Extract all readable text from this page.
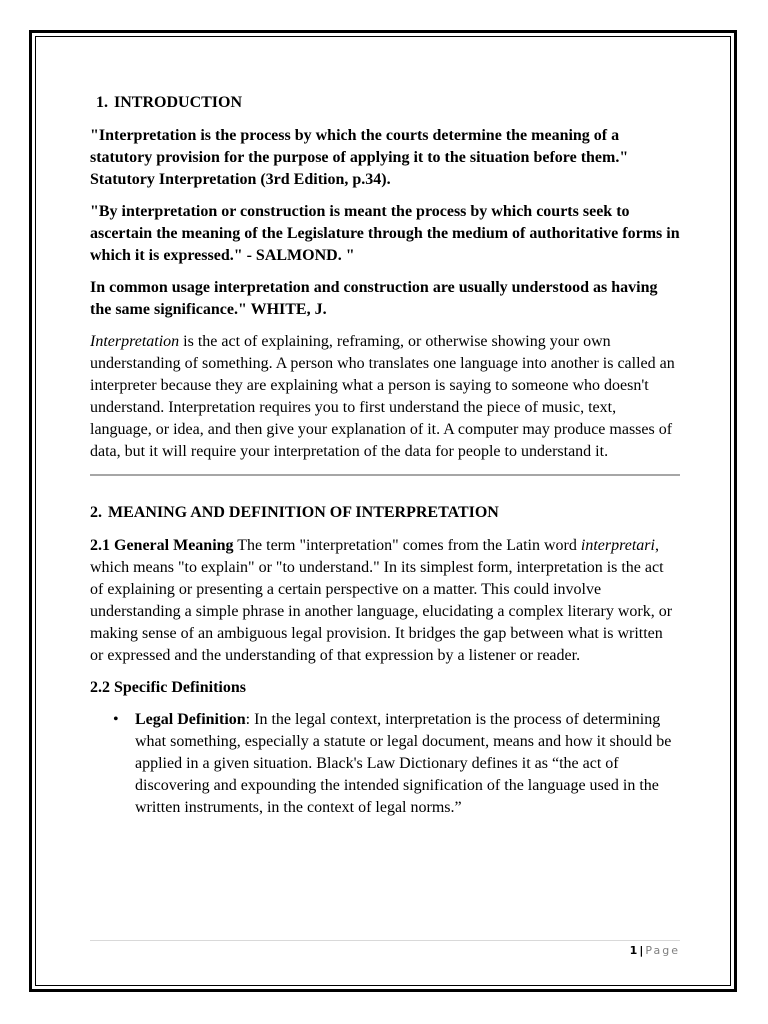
1. INTRODUCTION

"Interpretation is the process by which the courts determine the meaning of a statutory provision for the purpose of applying it to the situation before them." Statutory Interpretation (3rd Edition, p.34).

"By interpretation or construction is meant the process by which courts seek to ascertain the meaning of the Legislature through the medium of authoritative forms in which it is expressed." - SALMOND. "

In common usage interpretation and construction are usually understood as having the same significance." WHITE, J.

Interpretation is the act of explaining, reframing, or otherwise showing your own understanding of something. A person who translates one language into another is called an interpreter because they are explaining what a person is saying to someone who doesn't understand. Interpretation requires you to first understand the piece of music, text, language, or idea, and then give your explanation of it. A computer may produce masses of data, but it will require your interpretation of the data for people to understand it.

2. MEANING AND DEFINITION OF INTERPRETATION

2.1 General Meaning The term "interpretation" comes from the Latin word interpretari, which means "to explain" or "to understand." In its simplest form, interpretation is the act of explaining or presenting a certain perspective on a matter. This could involve understanding a simple phrase in another language, elucidating a complex literary work, or making sense of an ambiguous legal provision. It bridges the gap between what is written or expressed and the understanding of that expression by a listener or reader.

2.2 Specific Definitions

• Legal Definition: In the legal context, interpretation is the process of determining what something, especially a statute or legal document, means and how it should be applied in a given situation. Black's Law Dictionary defines it as “the act of discovering and expounding the intended signification of the language used in the written instruments, in the context of legal norms.”
1 | Page
